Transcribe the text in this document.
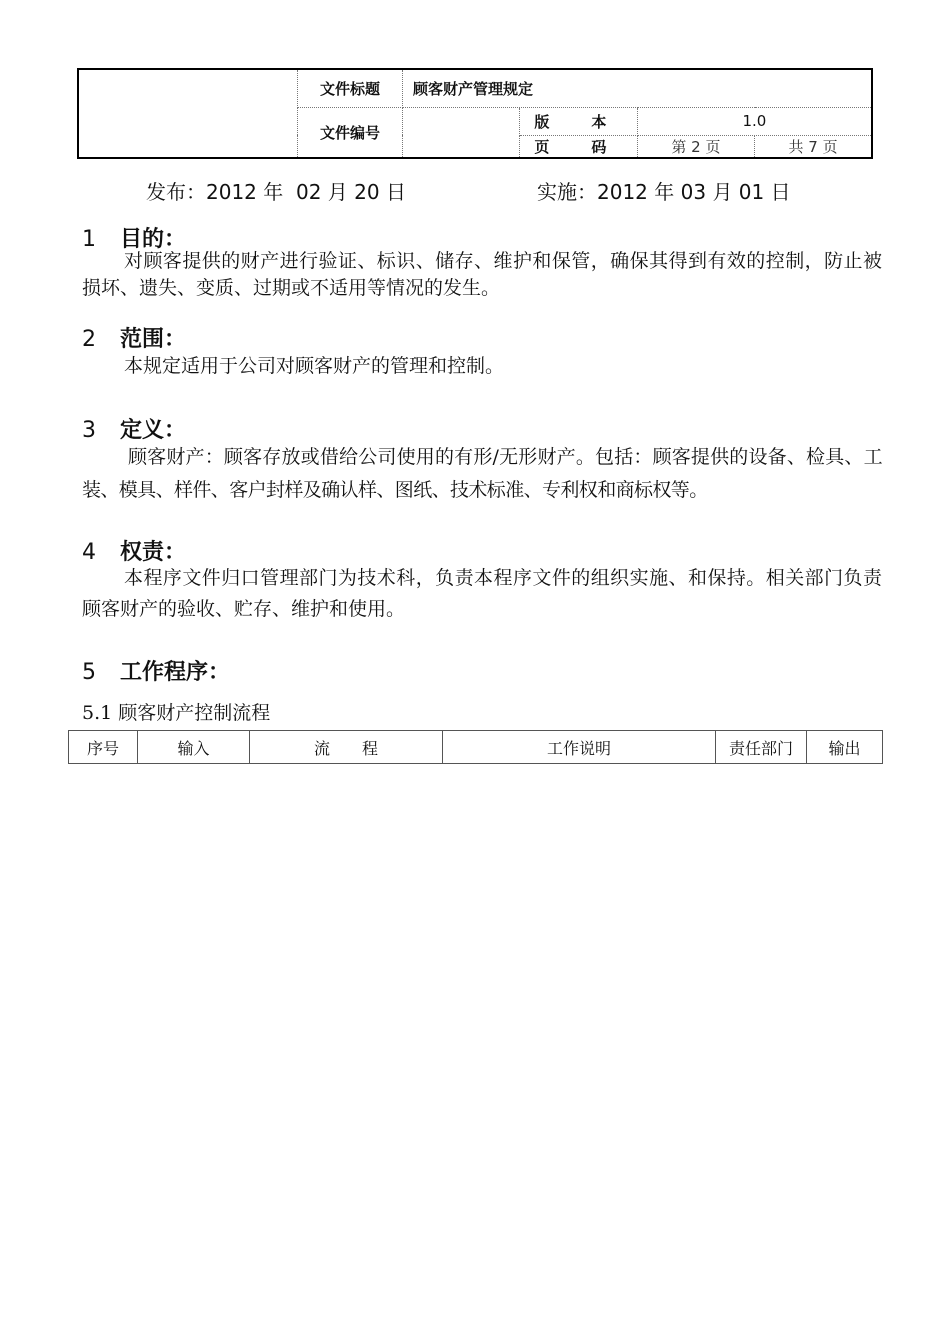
	文件标题	顾客财产管理规定			
	文件编号		版本	1.0	
			页码	第 2 页	共 7 页
发布：2012 年 02 月 20 日	实施：2012 年 03 月 01 日
1 目的：
对顾客提供的财产进行验证、标识、储存、维护和保管，确保其得到有效的控制，防止被损坏、遗失、变质、过期或不适用等情况的发生。
2 范围：
本规定适用于公司对顾客财产的管理和控制。
3 定义：
顾客财产：顾客存放或借给公司使用的有形/无形财产。包括：顾客提供的设备、检具、工装、模具、样件、客户封样及确认样、图纸、技术标准、专利权和商标权等。
4 权责：
本程序文件归口管理部门为技术科，负责本程序文件的组织实施、和保持。相关部门负责顾客财产的验收、贮存、维护和使用。
5 工作程序：
5.1 顾客财产控制流程
序号	输入	流　　程	工作说明	责任部门	输出
